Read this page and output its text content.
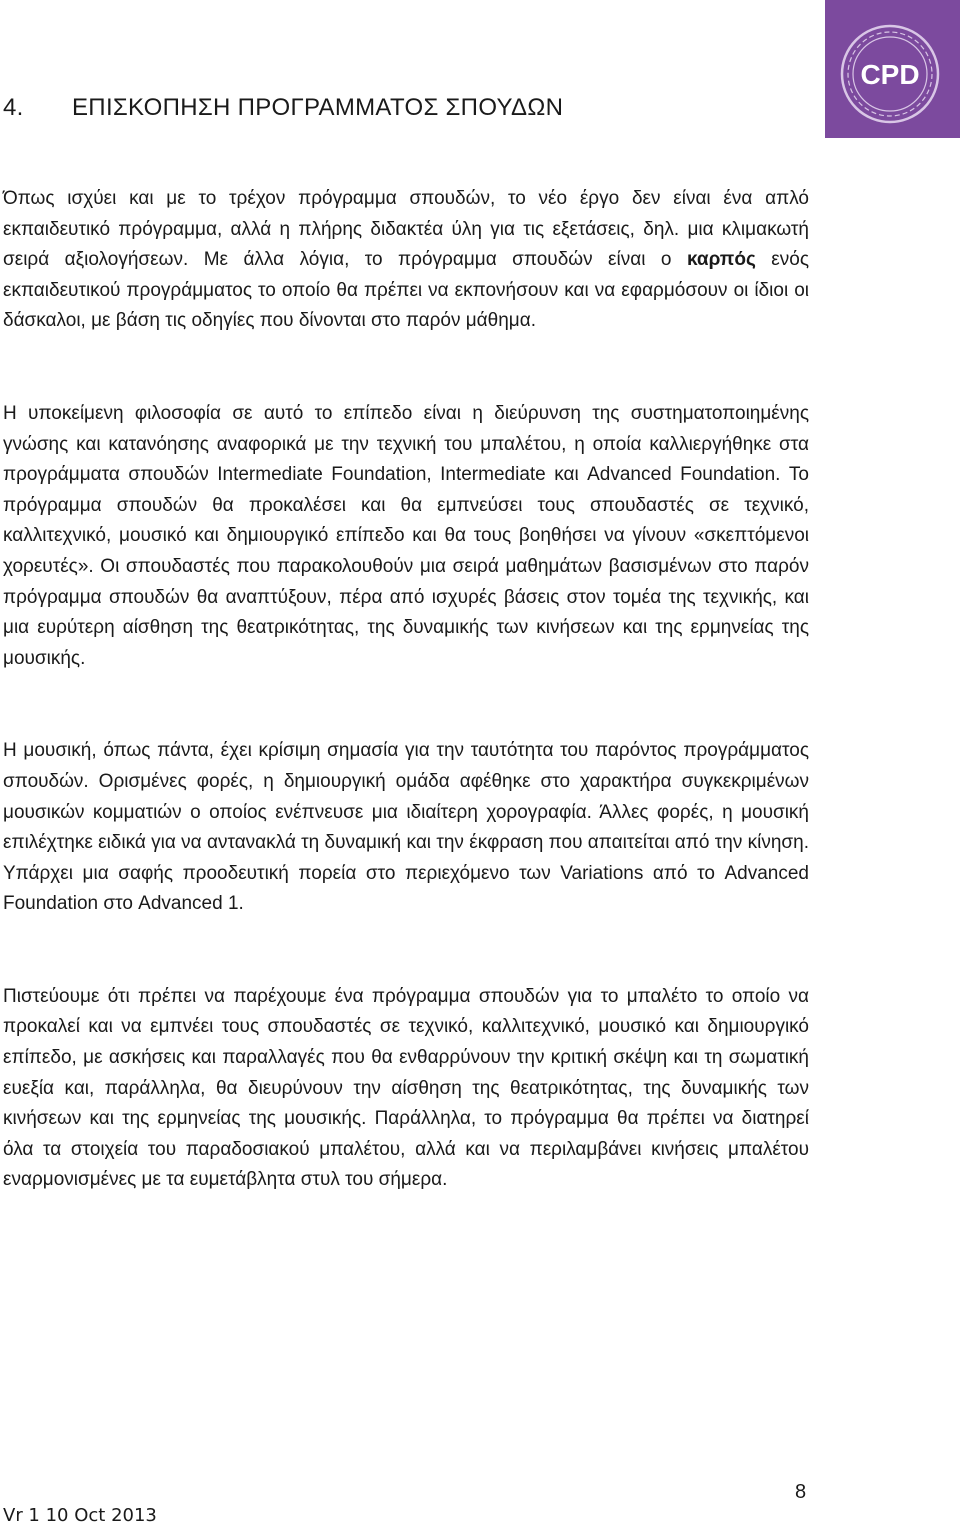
CPD
4. ΕΠΙΣΚΟΠΗΣΗ ΠΡΟΓΡΑΜΜΑΤΟΣ ΣΠΟΥΔΩΝ

Όπως ισχύει και με το τρέχον πρόγραμμα σπουδών, το νέο έργο δεν είναι ένα απλό εκπαιδευτικό πρόγραμμα, αλλά η πλήρης διδακτέα ύλη για τις εξετάσεις, δηλ. μια κλιμακωτή σειρά αξιολογήσεων. Με άλλα λόγια, το πρόγραμμα σπουδών είναι ο καρπός ενός εκπαιδευτικού προγράμματος το οποίο θα πρέπει να εκπονήσουν και να εφαρμόσουν οι ίδιοι οι δάσκαλοι, με βάση τις οδηγίες που δίνονται στο παρόν μάθημα.

Η υποκείμενη φιλοσοφία σε αυτό το επίπεδο είναι η διεύρυνση της συστηματοποιημένης γνώσης και κατανόησης αναφορικά με την τεχνική του μπαλέτου, η οποία καλλιεργήθηκε στα προγράμματα σπουδών Intermediate Foundation, Intermediate και Advanced Foundation. Το πρόγραμμα σπουδών θα προκαλέσει και θα εμπνεύσει τους σπουδαστές σε τεχνικό, καλλιτεχνικό, μουσικό και δημιουργικό επίπεδο και θα τους βοηθήσει να γίνουν «σκεπτόμενοι χορευτές». Οι σπουδαστές που παρακολουθούν μια σειρά μαθημάτων βασισμένων στο παρόν πρόγραμμα σπουδών θα αναπτύξουν, πέρα από ισχυρές βάσεις στον τομέα της τεχνικής, και μια ευρύτερη αίσθηση της θεατρικότητας, της δυναμικής των κινήσεων και της ερμηνείας της μουσικής.

Η μουσική, όπως πάντα, έχει κρίσιμη σημασία για την ταυτότητα του παρόντος προγράμματος σπουδών. Ορισμένες φορές, η δημιουργική ομάδα αφέθηκε στο χαρακτήρα συγκεκριμένων μουσικών κομματιών ο οποίος ενέπνευσε μια ιδιαίτερη χορογραφία. Άλλες φορές, η μουσική επιλέχτηκε ειδικά για να αντανακλά τη δυναμική και την έκφραση που απαιτείται από την κίνηση. Υπάρχει μια σαφής προοδευτική πορεία στο περιεχόμενο των Variations από το Advanced Foundation στο Advanced 1.

Πιστεύουμε ότι πρέπει να παρέχουμε ένα πρόγραμμα σπουδών για το μπαλέτο το οποίο να προκαλεί και να εμπνέει τους σπουδαστές σε τεχνικό, καλλιτεχνικό, μουσικό και δημιουργικό επίπεδο, με ασκήσεις και παραλλαγές που θα ενθαρρύνουν την κριτική σκέψη και τη σωματική ευεξία και, παράλληλα, θα διευρύνουν την αίσθηση της θεατρικότητας, της δυναμικής των κινήσεων και της ερμηνείας της μουσικής. Παράλληλα, το πρόγραμμα θα πρέπει να διατηρεί όλα τα στοιχεία του παραδοσιακού μπαλέτου, αλλά και να περιλαμβάνει κινήσεις μπαλέτου εναρμονισμένες με τα ευμετάβλητα στυλ του σήμερα.

8
Vr 1 10 Oct 2013
